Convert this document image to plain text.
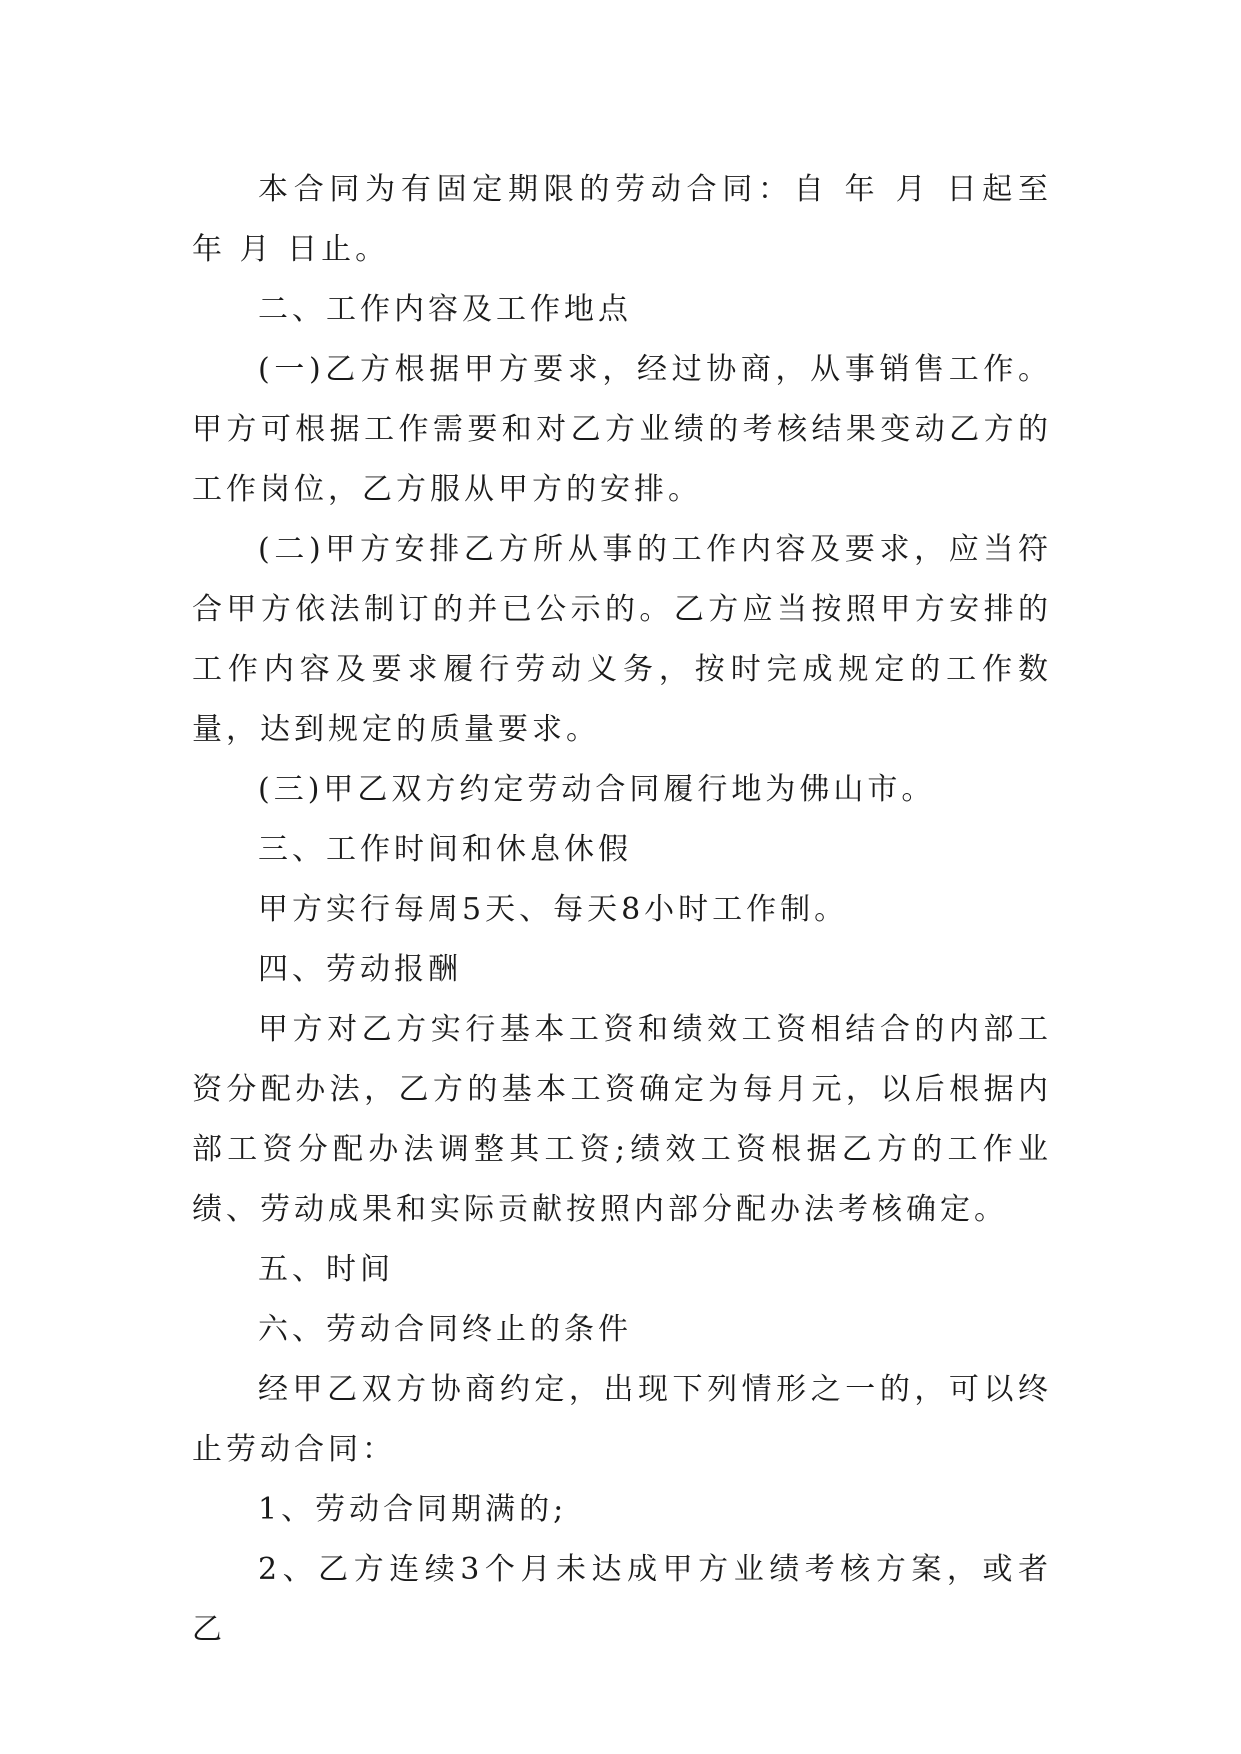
本合同为有固定期限的劳动合同：自 年 月 日起至 年 月 日止。

二、工作内容及工作地点

(一)乙方根据甲方要求，经过协商，从事销售工作。甲方可根据工作需要和对乙方业绩的考核结果变动乙方的工作岗位，乙方服从甲方的安排。

(二)甲方安排乙方所从事的工作内容及要求，应当符合甲方依法制订的并已公示的。乙方应当按照甲方安排的工作内容及要求履行劳动义务，按时完成规定的工作数量，达到规定的质量要求。

(三)甲乙双方约定劳动合同履行地为佛山市。

三、工作时间和休息休假

甲方实行每周5天、每天8小时工作制。

四、劳动报酬

甲方对乙方实行基本工资和绩效工资相结合的内部工资分配办法，乙方的基本工资确定为每月元，以后根据内部工资分配办法调整其工资;绩效工资根据乙方的工作业绩、劳动成果和实际贡献按照内部分配办法考核确定。

五、时间

六、劳动合同终止的条件

经甲乙双方协商约定，出现下列情形之一的，可以终止劳动合同：

1、劳动合同期满的;

2、乙方连续3个月未达成甲方业绩考核方案，或者乙
